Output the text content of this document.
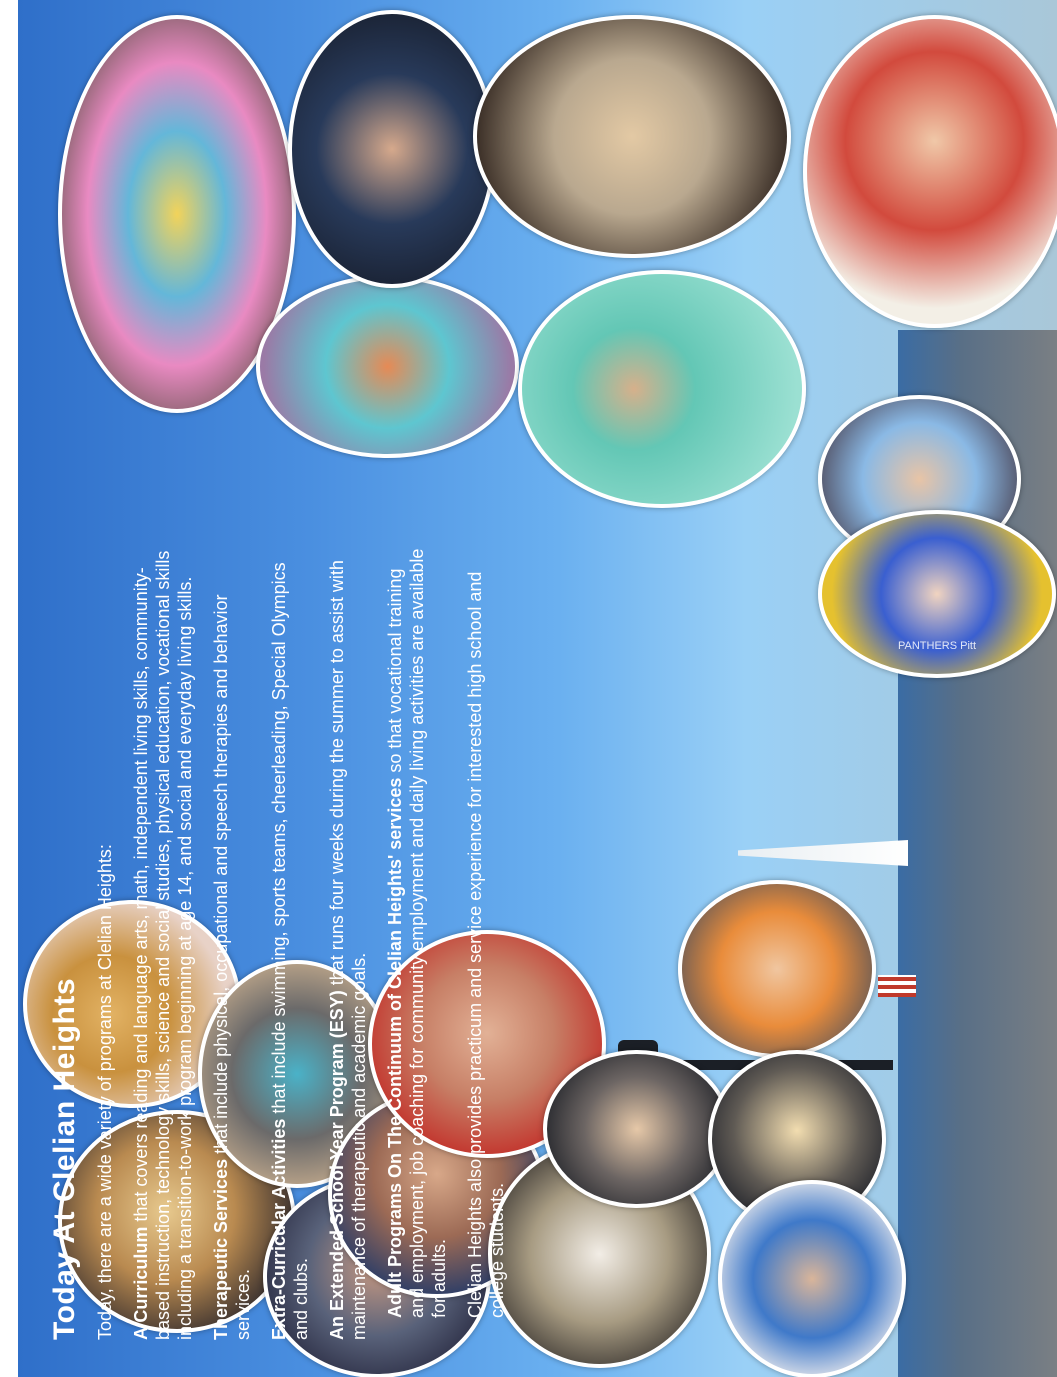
PANTHERS Pitt
Today At Clelian Heights Today, there are a wide variety of programs at Clelian Heights: A Curriculum that covers reading and language arts, math, independent living skills, community-based instruction, technology skills, science and social studies, physical education, vocational skills including a transition-to-work program beginning at age 14, and social and everyday living skills. Therapeutic Services that include physical, occupational and speech therapies and behavior services. Extra-Curricular Activities that include swimming, sports teams, cheerleading, Special Olympics and clubs. An Extended School Year Program (ESY) that runs four weeks during the summer to assist with maintenance of therapeutic and academic goals. Adult Programs On The Continuum of Clelian Heights' services so that vocational training and employment, job coaching for community employment and daily living activities are available for adults. Clelian Heights also provides practicum and service experience for interested high school and college students.
